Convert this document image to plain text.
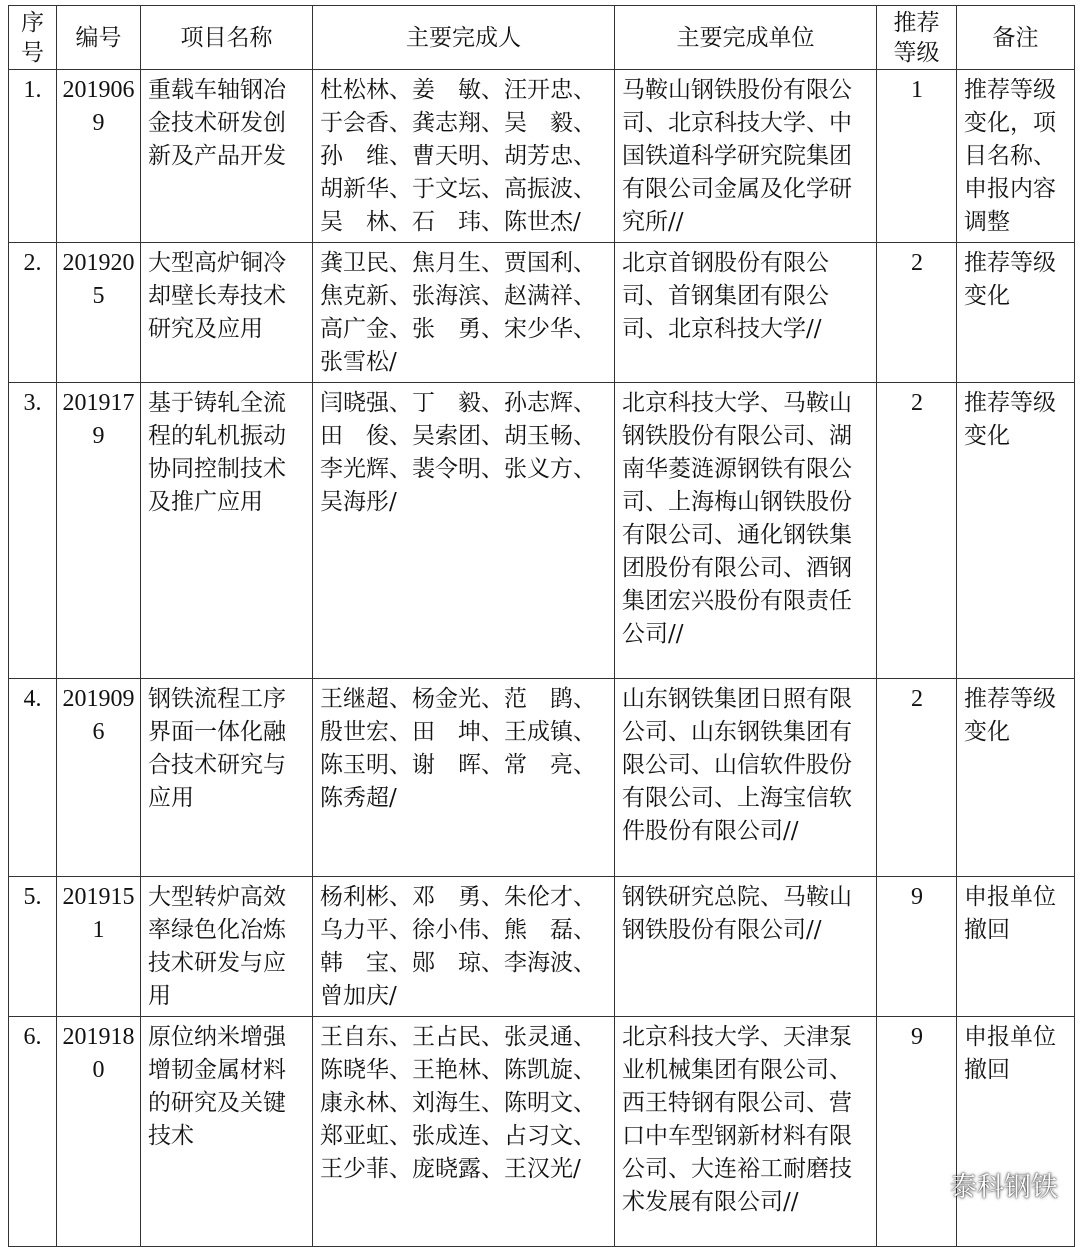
序号	编号	项目名称	主要完成人	主要完成单位	推荐等级	备注
1.	2019069	重载车轴钢冶金技术研发创新及产品开发	杜松林、姜　敏、汪开忠、于会香、龚志翔、吴　毅、孙　维、曹天明、胡芳忠、胡新华、于文坛、高振波、吴　林、石　玮、陈世杰/	马鞍山钢铁股份有限公司、北京科技大学、中国铁道科学研究院集团有限公司金属及化学研究所//	1	推荐等级变化，项目名称、申报内容调整
2.	2019205	大型高炉铜冷却壁长寿技术研究及应用	龚卫民、焦月生、贾国利、焦克新、张海滨、赵满祥、高广金、张　勇、宋少华、张雪松/	北京首钢股份有限公司、首钢集团有限公司、北京科技大学//	2	推荐等级变化
3.	2019179	基于铸轧全流程的轧机振动协同控制技术及推广应用	闫晓强、丁　毅、孙志辉、田　俊、吴索团、胡玉畅、李光辉、裴令明、张义方、吴海彤/	北京科技大学、马鞍山钢铁股份有限公司、湖南华菱涟源钢铁有限公司、上海梅山钢铁股份有限公司、通化钢铁集团股份有限公司、酒钢集团宏兴股份有限责任公司//	2	推荐等级变化
4.	2019096	钢铁流程工序界面一体化融合技术研究与应用	王继超、杨金光、范　鹍、殷世宏、田　坤、王成镇、陈玉明、谢　晖、常　亮、陈秀超/	山东钢铁集团日照有限公司、山东钢铁集团有限公司、山信软件股份有限公司、上海宝信软件股份有限公司//	2	推荐等级变化
5.	2019151	大型转炉高效率绿色化冶炼技术研发与应用	杨利彬、邓　勇、朱伦才、乌力平、徐小伟、熊　磊、韩　宝、郧　琼、李海波、曾加庆/	钢铁研究总院、马鞍山钢铁股份有限公司//	9	申报单位撤回
6.	2019180	原位纳米增强增韧金属材料的研究及关键技术	王自东、王占民、张灵通、陈晓华、王艳林、陈凯旋、康永林、刘海生、陈明文、郑亚虹、张成连、占习文、王少菲、庞晓露、王汉光/	北京科技大学、天津泵业机械集团有限公司、西王特钢有限公司、营口中车型钢新材料有限公司、大连裕工耐磨技术发展有限公司//	9	申报单位撤回
泰科钢铁
